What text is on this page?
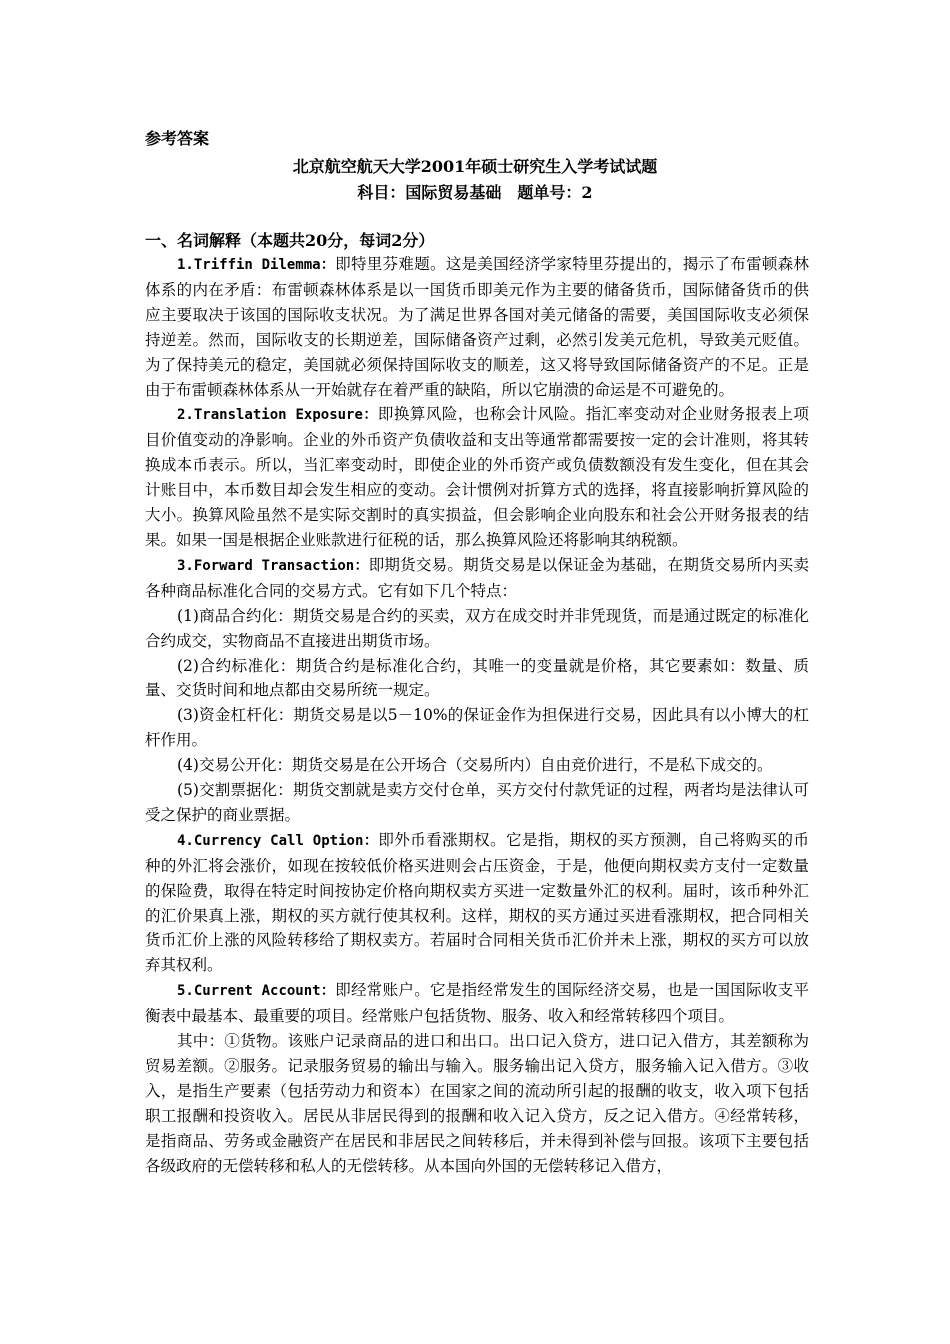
参考答案
北京航空航天大学2001年硕士研究生入学考试试题
科目：国际贸易基础　题单号：2
一、名词解释（本题共20分，每词2分）

1.Triffin Dilemma：即特里芬难题。这是美国经济学家特里芬提出的，揭示了布雷顿森林体系的内在矛盾：布雷顿森林体系是以一国货币即美元作为主要的储备货币，国际储备货币的供应主要取决于该国的国际收支状况。为了满足世界各国对美元储备的需要，美国国际收支必须保持逆差。然而，国际收支的长期逆差，国际储备资产过剩，必然引发美元危机，导致美元贬值。为了保持美元的稳定，美国就必须保持国际收支的顺差，这又将导致国际储备资产的不足。正是由于布雷顿森林体系从一开始就存在着严重的缺陷，所以它崩溃的命运是不可避免的。

2.Translation Exposure：即换算风险，也称会计风险。指汇率变动对企业财务报表上项目价值变动的净影响。企业的外币资产负债收益和支出等通常都需要按一定的会计准则，将其转换成本币表示。所以，当汇率变动时，即使企业的外币资产或负债数额没有发生变化，但在其会计账目中，本币数目却会发生相应的变动。会计惯例对折算方式的选择，将直接影响折算风险的大小。换算风险虽然不是实际交割时的真实损益，但会影响企业向股东和社会公开财务报表的结果。如果一国是根据企业账款进行征税的话，那么换算风险还将影响其纳税额。

3.Forward Transaction：即期货交易。期货交易是以保证金为基础，在期货交易所内买卖各种商品标准化合同的交易方式。它有如下几个特点：

(1)商品合约化：期货交易是合约的买卖，双方在成交时并非凭现货，而是通过既定的标准化合约成交，实物商品不直接进出期货市场。

(2)合约标准化：期货合约是标准化合约，其唯一的变量就是价格，其它要素如：数量、质量、交货时间和地点都由交易所统一规定。

(3)资金杠杆化：期货交易是以5－10%的保证金作为担保进行交易，因此具有以小博大的杠杆作用。

(4)交易公开化：期货交易是在公开场合（交易所内）自由竞价进行，不是私下成交的。

(5)交割票据化：期货交割就是卖方交付仓单，买方交付付款凭证的过程，两者均是法律认可受之保护的商业票据。

4.Currency Call Option：即外币看涨期权。它是指，期权的买方预测，自己将购买的币种的外汇将会涨价，如现在按较低价格买进则会占压资金，于是，他便向期权卖方支付一定数量的保险费，取得在特定时间按协定价格向期权卖方买进一定数量外汇的权利。届时，该币种外汇的汇价果真上涨，期权的买方就行使其权利。这样，期权的买方通过买进看涨期权，把合同相关货币汇价上涨的风险转移给了期权卖方。若届时合同相关货币汇价并未上涨，期权的买方可以放弃其权利。

5.Current Account：即经常账户。它是指经常发生的国际经济交易，也是一国国际收支平衡表中最基本、最重要的项目。经常账户包括货物、服务、收入和经常转移四个项目。

其中：①货物。该账户记录商品的进口和出口。出口记入贷方，进口记入借方，其差额称为贸易差额。②服务。记录服务贸易的输出与输入。服务输出记入贷方，服务输入记入借方。③收入，是指生产要素（包括劳动力和资本）在国家之间的流动所引起的报酬的收支，收入项下包括职工报酬和投资收入。居民从非居民得到的报酬和收入记入贷方，反之记入借方。④经常转移，是指商品、劳务或金融资产在居民和非居民之间转移后，并未得到补偿与回报。该项下主要包括各级政府的无偿转移和私人的无偿转移。从本国向外国的无偿转移记入借方，
